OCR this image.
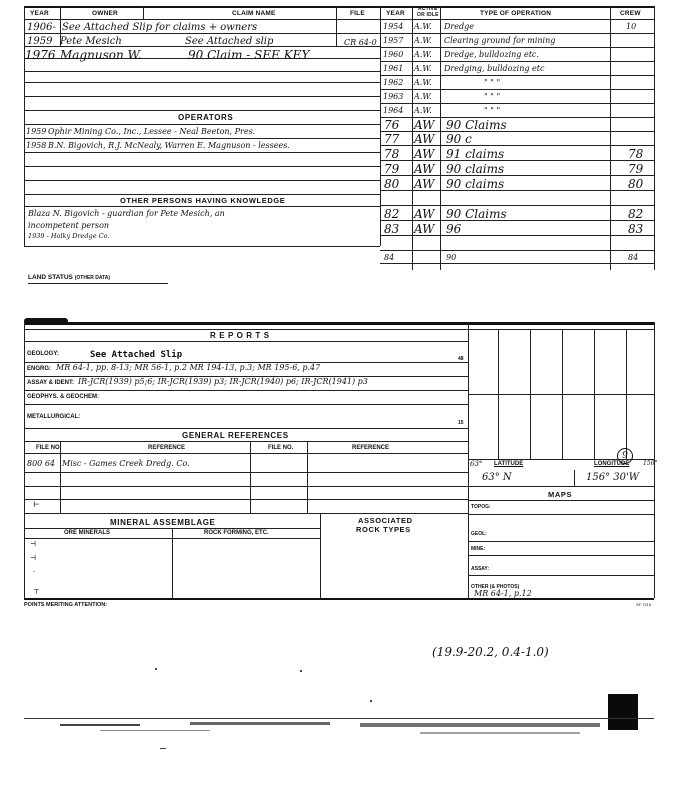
YEAR	OWNER	CLAIM NAME	FILE	YEAR
ACTIVE
OR IDLE	TYPE OF OPERATION	CREW
1906- See Attached Slip for claims + owners
1959 Pete Mesich	See Attached slip	CR 64-0
1976 Magnuson W.	90 Claim - SEE KEY
OPERATORS
1959 Ophir Mining Co., Inc., Lessee - Neal Beeton, Pres.
1958 B.N. Bigovich, R.J. McNealy, Warren E. Magnuson - lessees.
OTHER PERSONS HAVING KNOWLEDGE
Blaza N. Bigovich - guardian for Pete Mesich, an
incompetent person
1939 - Holky Dredge Co.
1954 A.W. Dredge	10
1957 A.W. Clearing ground for mining
1960 A.W. Dredge, bulldozing etc.
1961 A.W. Dredging, bulldozing etc
1962 A.W.	" " "
1963 A.W.	" " "
1964 A.W.	" " "
76 AW 90 Claims
77 AW 90 c
78 AW 91 claims	78
79 AW 90 claims	79
80 AW 90 claims	80
82 AW 90 Claims	82
83 AW 96	83
84	90	84
LAND STATUS (OTHER DATA)
R E P O R T S
GEOLOGY:	See Attached Slip	48
ENGRG: MR 64-1, pp. 8-13; MR 56-1, p.2 MR 194-13, p.3; MR 195-6, p.47
ASSAY & IDENT: IR-JCR(1939) p5;6; IR-JCR(1939) p3; IR-JCR(1940) p6; IR-JCR(1941) p3
GEOPHYS. & GEOCHEM:
METALLURGICAL:
15
GENERAL REFERENCES
FILE NO.	REFERENCE	FILE NO.	REFERENCE
800 64 Misc - Games Creek Dredg. Co.
⊢
MINERAL ASSEMBLAGE
ORE MINERALS	ROCK FORMING, ETC.
ASSOCIATED
ROCK TYPES
⊣
⊣
·
⊤
63° LATITUDE	LONGITUDE 156°
9
63° N	156° 30'W
MAPS
TOPOG:
GEOL:
MINE:
ASSAY:
OTHER (& PHOTOS)
MR 64-1, p.12
POINTS MERITING ATTENTION:	SF 7215
(19.9-20.2, 0.4-1.0)
